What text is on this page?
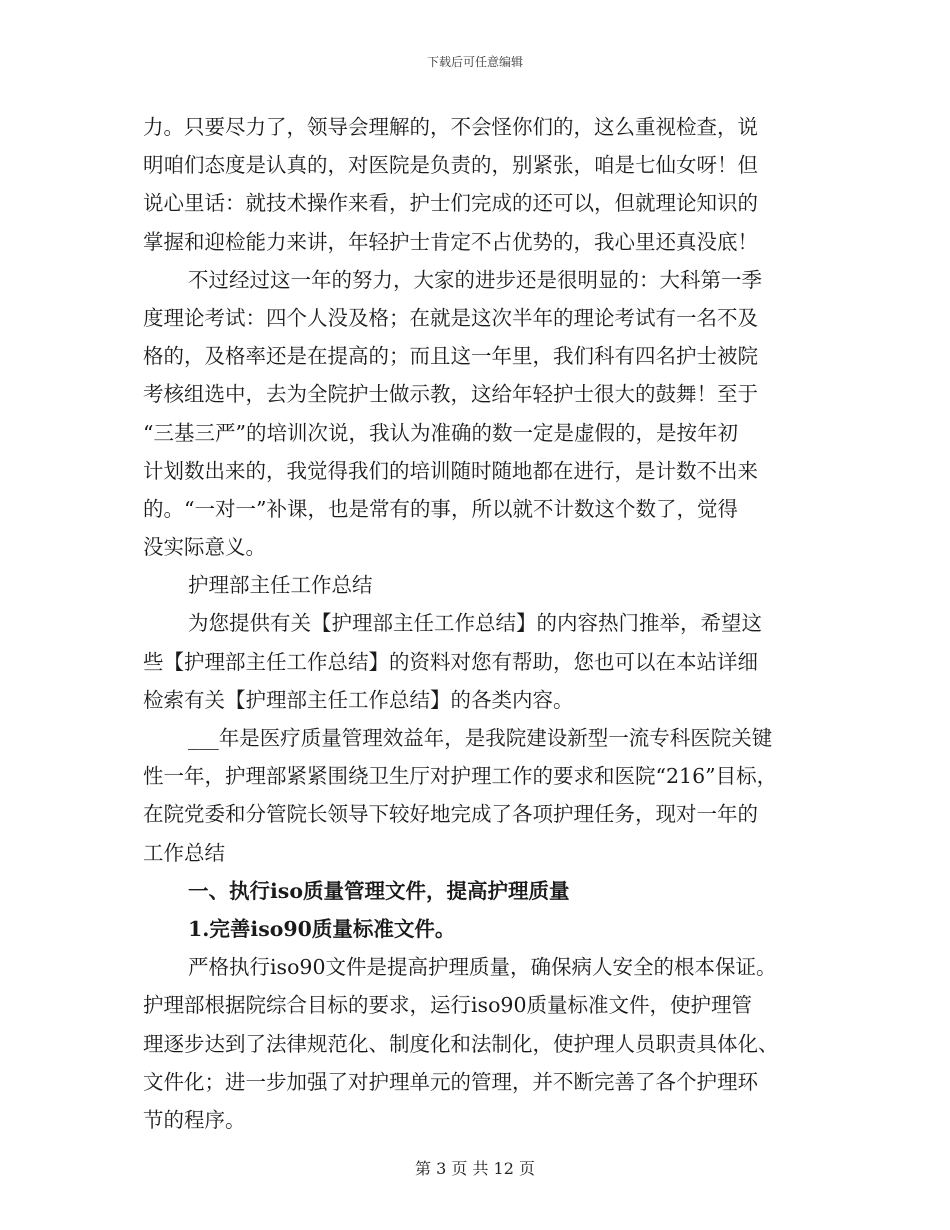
下载后可任意编辑
力。只要尽力了，领导会理解的，不会怪你们的，这么重视检查，说
明咱们态度是认真的，对医院是负责的，别紧张，咱是七仙女呀！但
说心里话：就技术操作来看，护士们完成的还可以，但就理论知识的
掌握和迎检能力来讲，年轻护士肯定不占优势的，我心里还真没底！
不过经过这一年的努力，大家的进步还是很明显的：大科第一季
度理论考试：四个人没及格；在就是这次半年的理论考试有一名不及
格的，及格率还是在提高的；而且这一年里，我们科有四名护士被院
考核组选中，去为全院护士做示教，这给年轻护士很大的鼓舞！至于
“三基三严”的培训次说，我认为准确的数一定是虚假的，是按年初
计划数出来的，我觉得我们的培训随时随地都在进行，是计数不出来
的。“一对一”补课，也是常有的事，所以就不计数这个数了，觉得
没实际意义。
护理部主任工作总结
为您提供有关【护理部主任工作总结】的内容热门推举，希望这
些【护理部主任工作总结】的资料对您有帮助，您也可以在本站详细
检索有关【护理部主任工作总结】的各类内容。
___年是医疗质量管理效益年，是我院建设新型一流专科医院关键
性一年，护理部紧紧围绕卫生厅对护理工作的要求和医院“216”目标，
在院党委和分管院长领导下较好地完成了各项护理任务，现对一年的
工作总结
一、执行iso质量管理文件，提高护理质量
1.完善iso90质量标准文件。
严格执行iso90文件是提高护理质量，确保病人安全的根本保证。
护理部根据院综合目标的要求，运行iso90质量标准文件，使护理管
理逐步达到了法律规范化、制度化和法制化，使护理人员职责具体化、
文件化；进一步加强了对护理单元的管理，并不断完善了各个护理环
节的程序。
第 3 页 共 12 页
